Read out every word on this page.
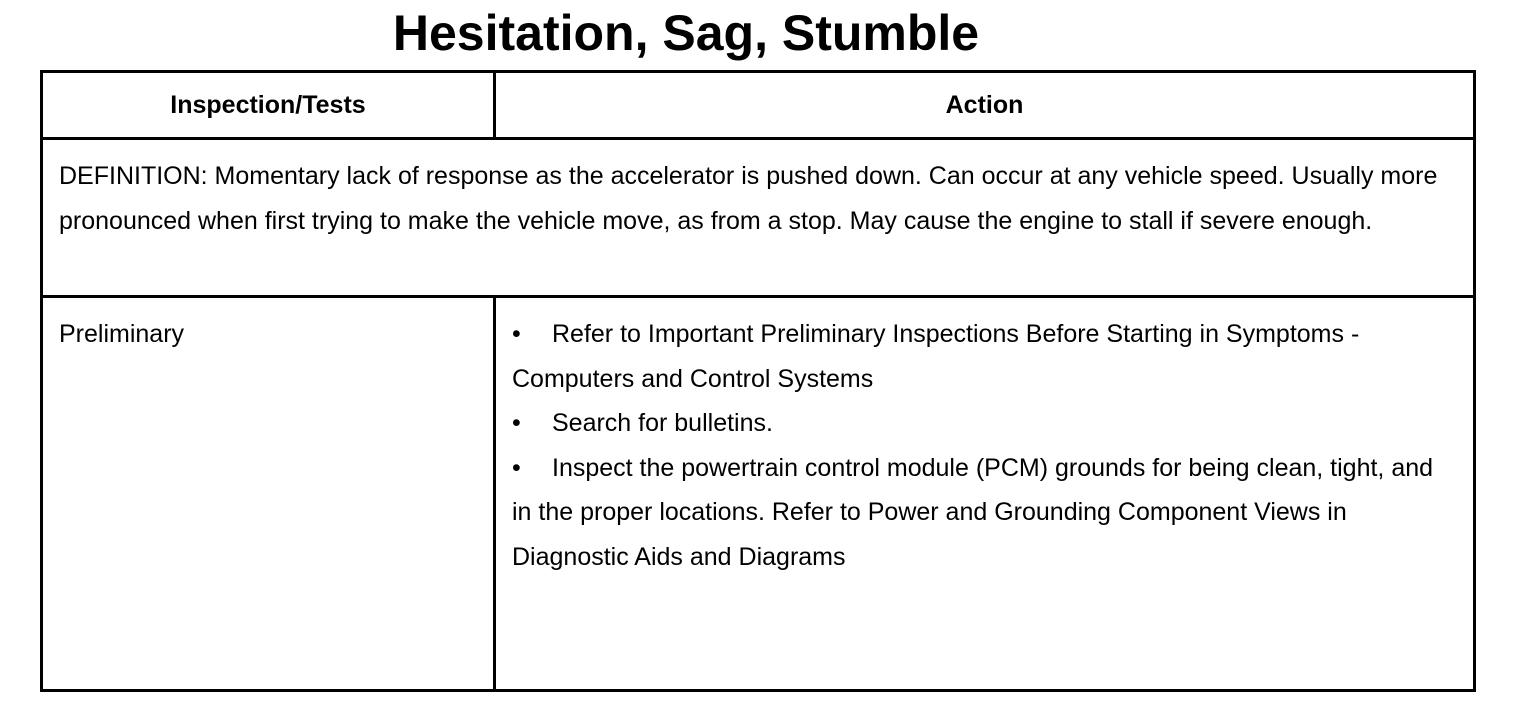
Hesitation, Sag, Stumble
Inspection/Tests	Action
DEFINITION: Momentary lack of response as the accelerator is pushed down. Can occur at any vehicle speed. Usually more pronounced when first trying to make the vehicle move, as from a stop. May cause the engine to stall if severe enough.	
Preliminary	• Refer to Important Preliminary Inspections Before Starting in Symptoms - Computers and Control Systems
• Search for bulletins.
• Inspect the powertrain control module (PCM) grounds for being clean, tight, and in the proper locations. Refer to Power and Grounding Component Views in Diagnostic Aids and Diagrams
